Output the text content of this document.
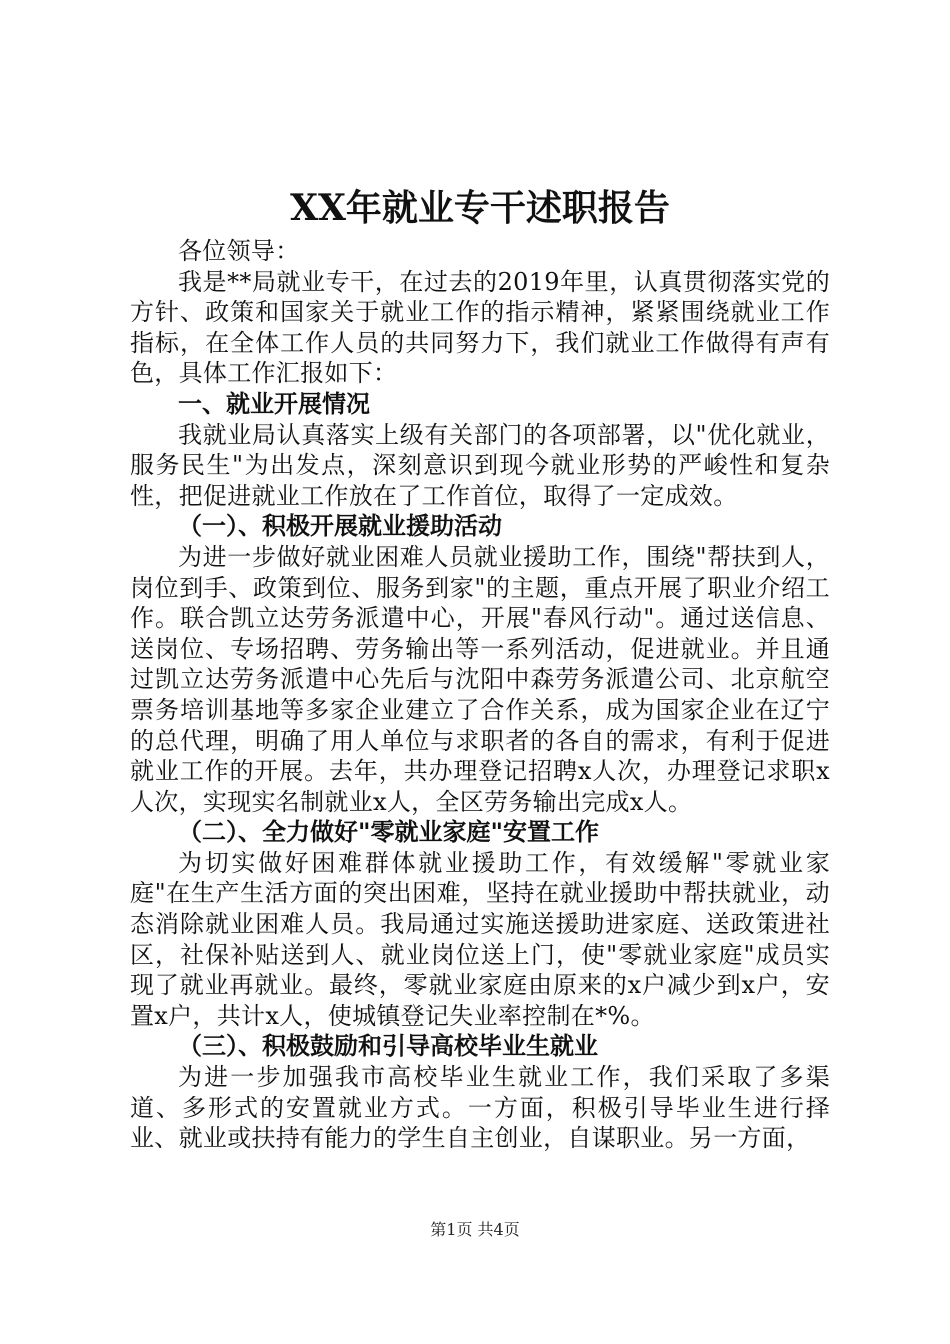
XX年就业专干述职报告

各位领导：

我是**局就业专干，在过去的2019年里，认真贯彻落实党的方针、政策和国家关于就业工作的指示精神，紧紧围绕就业工作指标，在全体工作人员的共同努力下，我们就业工作做得有声有色，具体工作汇报如下：

一、就业开展情况

我就业局认真落实上级有关部门的各项部署，以"优化就业，服务民生"为出发点，深刻意识到现今就业形势的严峻性和复杂性，把促进就业工作放在了工作首位，取得了一定成效。

（一）、积极开展就业援助活动

为进一步做好就业困难人员就业援助工作，围绕"帮扶到人，岗位到手、政策到位、服务到家"的主题，重点开展了职业介绍工作。联合凯立达劳务派遣中心，开展"春风行动"。通过送信息、送岗位、专场招聘、劳务输出等一系列活动，促进就业。并且通过凯立达劳务派遣中心先后与沈阳中森劳务派遣公司、北京航空票务培训基地等多家企业建立了合作关系，成为国家企业在辽宁的总代理，明确了用人单位与求职者的各自的需求，有利于促进就业工作的开展。去年，共办理登记招聘x人次，办理登记求职x人次，实现实名制就业x人，全区劳务输出完成x人。

（二）、全力做好"零就业家庭"安置工作

为切实做好困难群体就业援助工作，有效缓解"零就业家庭"在生产生活方面的突出困难，坚持在就业援助中帮扶就业，动态消除就业困难人员。我局通过实施送援助进家庭、送政策进社区，社保补贴送到人、就业岗位送上门，使"零就业家庭"成员实现了就业再就业。最终，零就业家庭由原来的x户减少到x户，安置x户，共计x人，使城镇登记失业率控制在*%。

（三）、积极鼓励和引导高校毕业生就业

为进一步加强我市高校毕业生就业工作，我们采取了多渠道、多形式的安置就业方式。一方面，积极引导毕业生进行择业、就业或扶持有能力的学生自主创业，自谋职业。另一方面，

第1页 共4页
